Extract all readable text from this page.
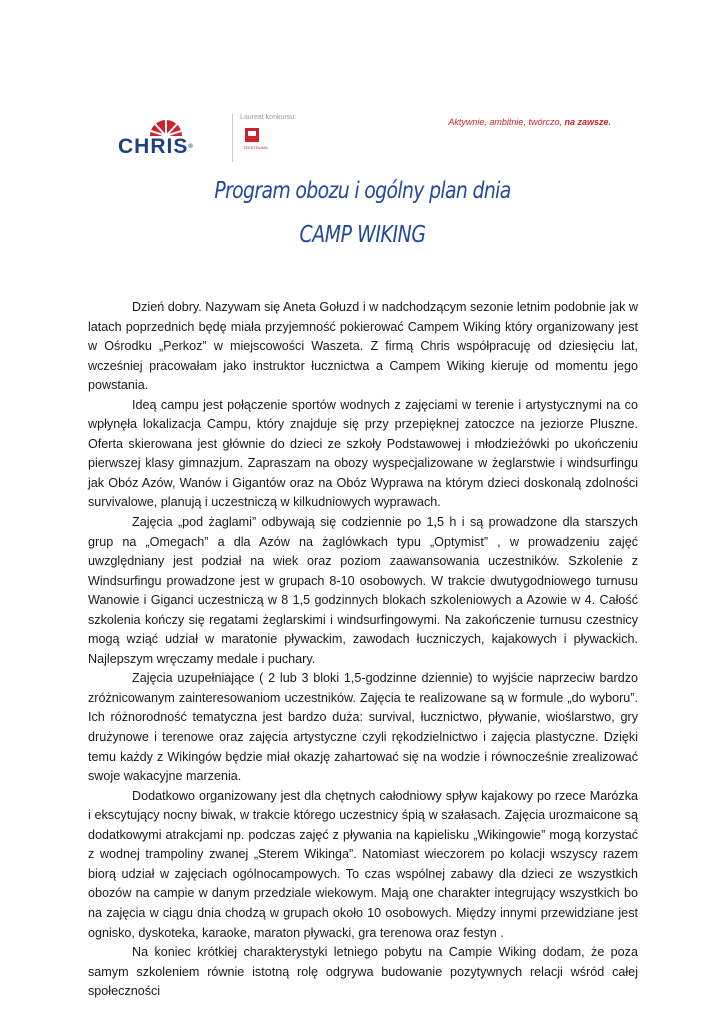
CHRIS®
Laureat konkursu:
TEKSTRUMA
Aktywnie, ambitnie, twórczo, na zawsze.
Program obozu i ogólny plan dnia
CAMP WIKING

Dzień dobry. Nazywam się Aneta Gołuzd i w nadchodzącym sezonie letnim podobnie jak w latach poprzednich będę miała przyjemność pokierować Campem Wiking który organizowany jest w Ośrodku „Perkoz” w miejscowości Waszeta. Z firmą Chris współpracuję od dziesięciu lat, wcześniej pracowałam jako instruktor łucznictwa a Campem Wiking kieruje od momentu jego powstania.

Ideą campu jest połączenie sportów wodnych z zajęciami w terenie i artystycznymi na co wpłynęła lokalizacja Campu, który znajduje się przy przepięknej zatoczce na jeziorze Pluszne. Oferta skierowana jest głównie do dzieci ze szkoły Podstawowej i młodzieżówki po ukończeniu pierwszej klasy gimnazjum. Zapraszam na obozy wyspecjalizowane w żeglarstwie i windsurfingu jak Obóz Azów, Wanów i Gigantów oraz na Obóz Wyprawa na którym dzieci doskonalą zdolności survivalowe, planują i uczestniczą w kilkudniowych wyprawach.

Zajęcia „pod żaglami” odbywają się codziennie po 1,5 h i są prowadzone dla starszych grup na „Omegach” a dla Azów na żaglówkach typu „Optymist” , w prowadzeniu zajęć uwzględniany jest podział na wiek oraz poziom zaawansowania uczestników. Szkolenie z Windsurfingu prowadzone jest w grupach 8-10 osobowych. W trakcie dwutygodniowego turnusu Wanowie i Giganci uczestniczą w 8 1,5 godzinnych blokach szkoleniowych a Azowie w 4. Całość szkolenia kończy się regatami żeglarskimi i windsurfingowymi. Na zakończenie turnusu czestnicy mogą wziąć udział w maratonie pływackim, zawodach łuczniczych, kajakowych i pływackich. Najlepszym wręczamy medale i puchary.

Zajęcia uzupełniające ( 2 lub 3 bloki 1,5-godzinne dziennie) to wyjście naprzeciw bardzo zróżnicowanym zainteresowaniom uczestników. Zajęcia te realizowane są w formule „do wyboru”. Ich różnorodność tematyczna jest bardzo duża: survival, łucznictwo, pływanie, wioślarstwo, gry drużynowe i terenowe oraz zajęcia artystyczne czyli rękodzielnictwo i zajęcia plastyczne. Dzięki temu każdy z Wikingów będzie miał okazję zahartować się na wodzie i równocześnie zrealizować swoje wakacyjne marzenia.

Dodatkowo organizowany jest dla chętnych całodniowy spływ kajakowy po rzece Marózka i ekscytujący nocny biwak, w trakcie którego uczestnicy śpią w szałasach. Zajęcia urozmaicone są dodatkowymi atrakcjami np. podczas zajęć z pływania na kąpielisku „Wikingowie” mogą korzystać z wodnej trampoliny zwanej „Sterem Wikinga”. Natomiast wieczorem po kolacji wszyscy razem biorą udział w zajęciach ogólnocampowych. To czas wspólnej zabawy dla dzieci ze wszystkich obozów na campie w danym przedziale wiekowym. Mają one charakter integrujący wszystkich bo na zajęcia w ciągu dnia chodzą w grupach około 10 osobowych. Między innymi przewidziane jest ognisko, dyskoteka, karaoke, maraton pływacki, gra terenowa oraz festyn .

Na koniec krótkiej charakterystyki letniego pobytu na Campie Wiking dodam, że poza samym szkoleniem równie istotną rolę odgrywa budowanie pozytywnych relacji wśród całej społeczności
